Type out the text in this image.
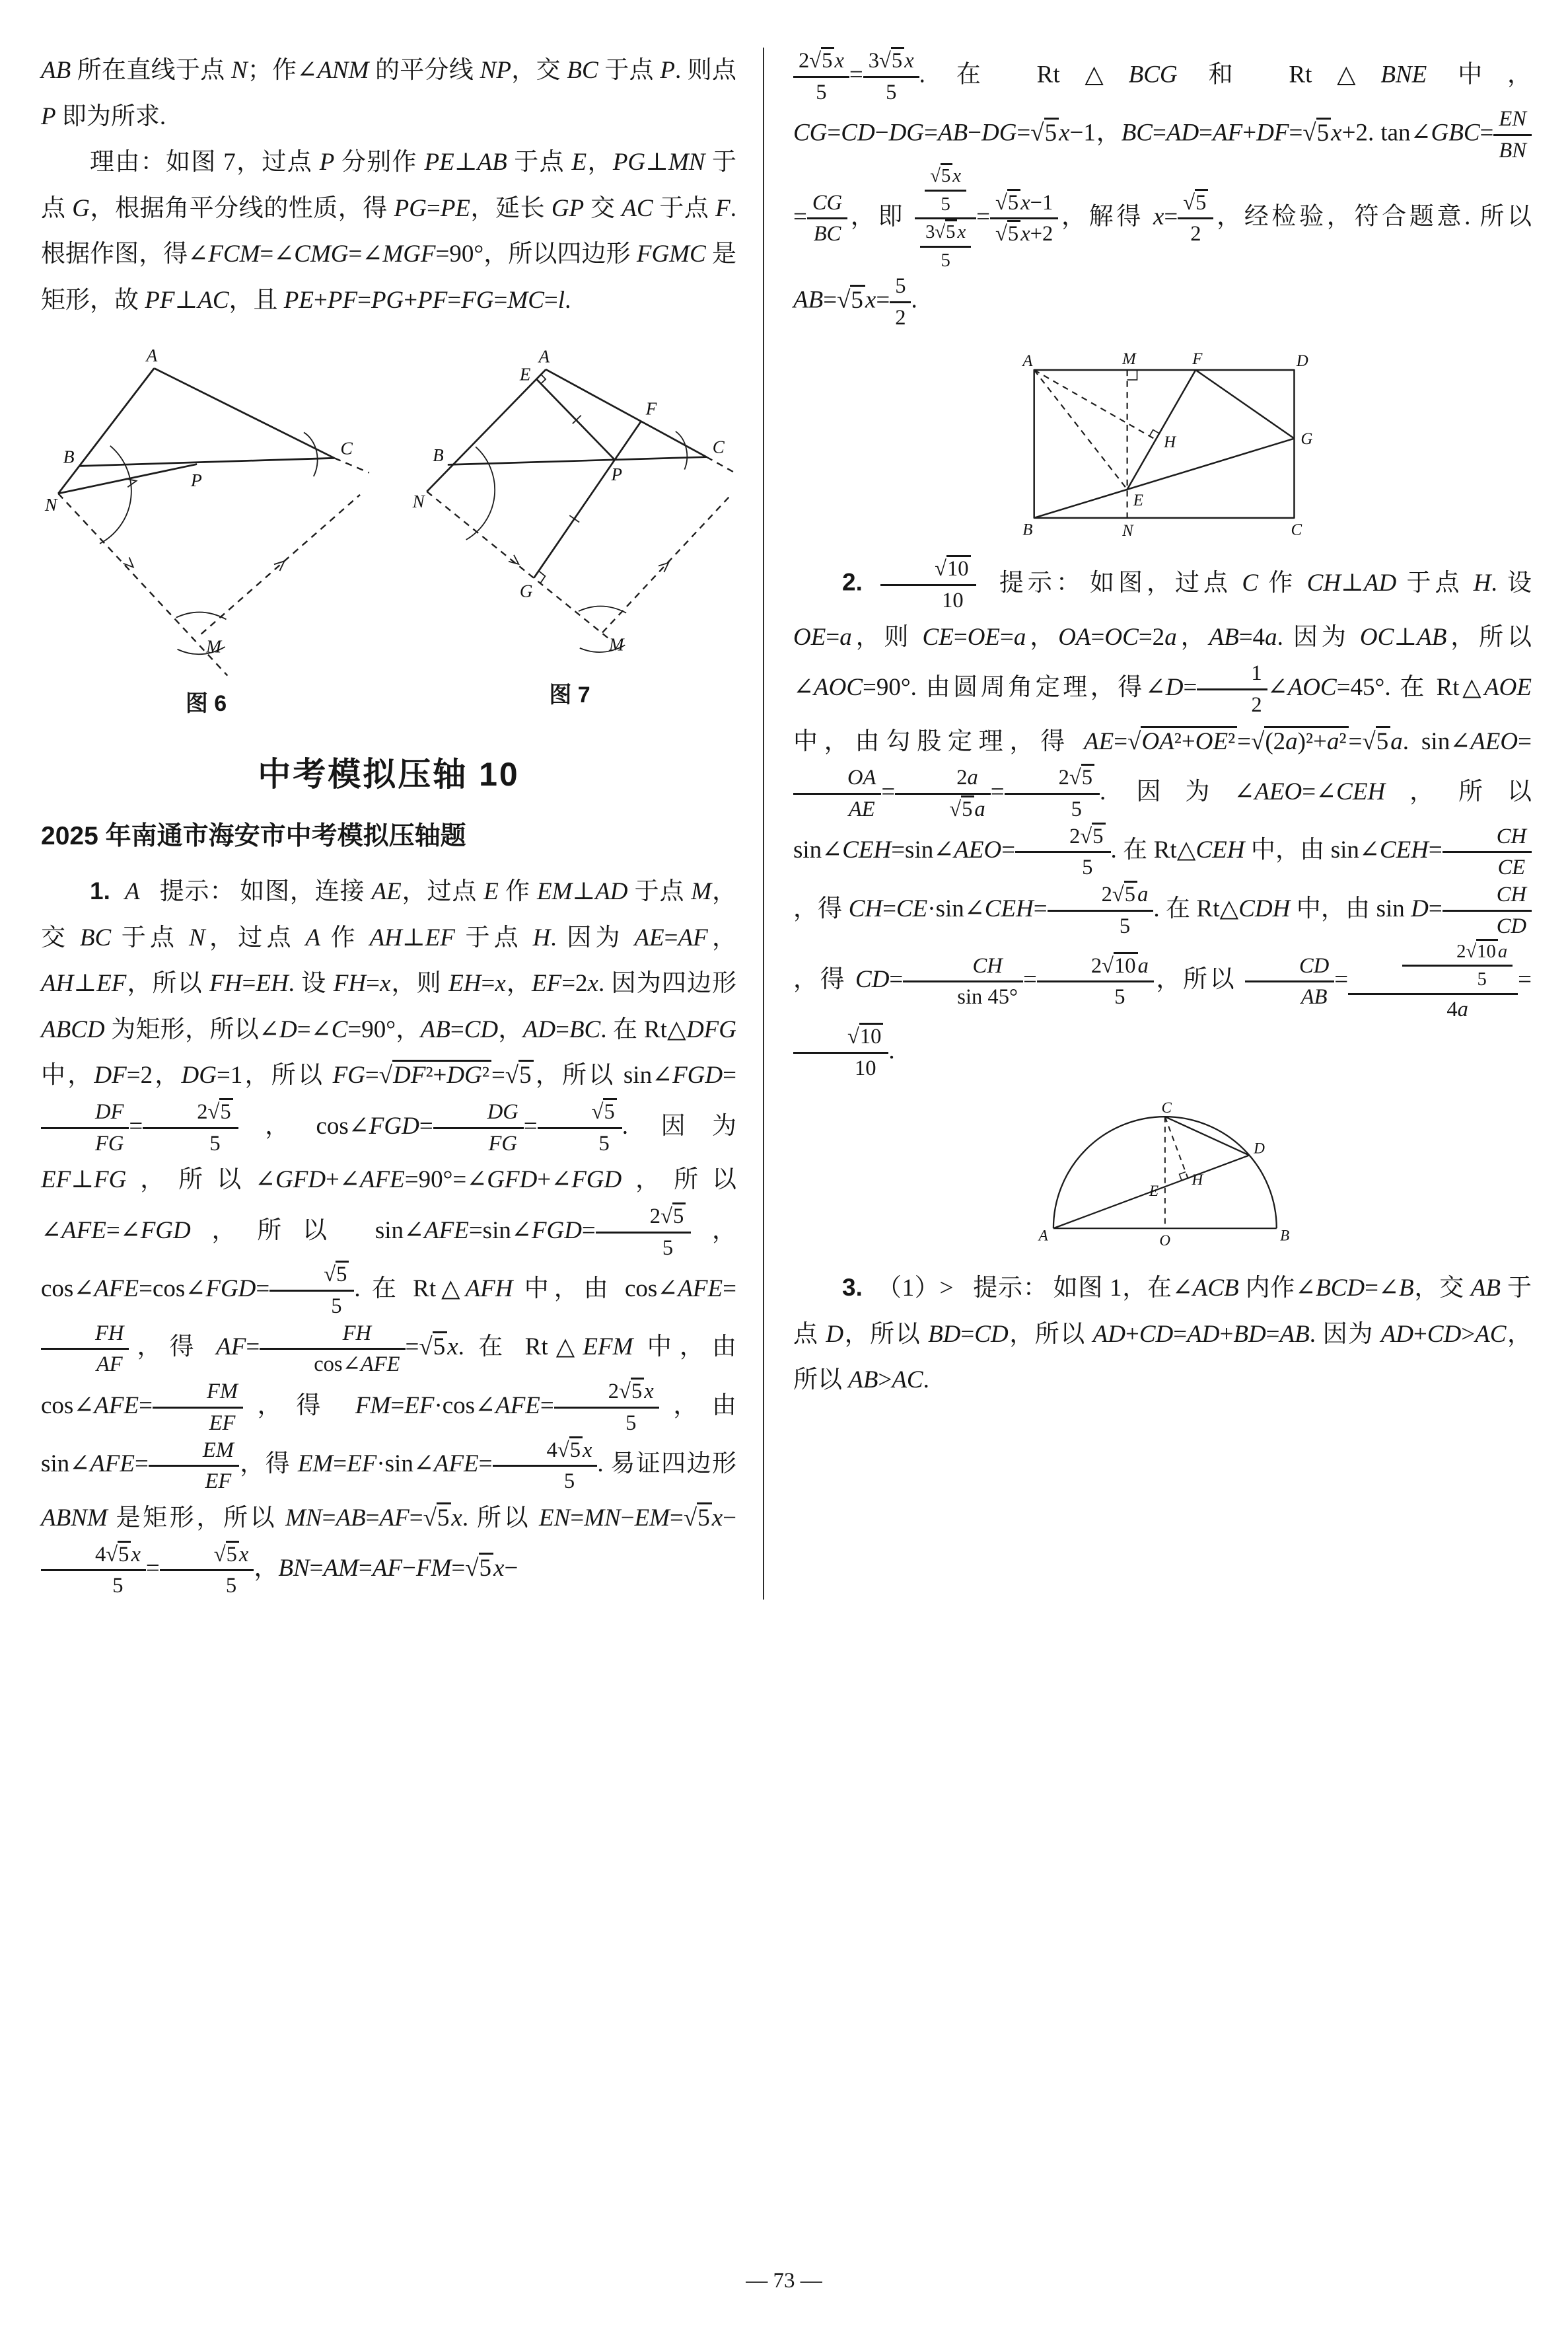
AB 所在直线于点 N；作∠ANM 的平分线 NP，交 BC 于点 P. 则点 P 即为所求.

理由：如图 7，过点 P 分别作 PE⊥AB 于点 E，PG⊥MN 于点 G，根据角平分线的性质，得 PG=PE，延长 GP 交 AC 于点 F. 根据作图，得∠FCM=∠CMG=∠MGF=90°，所以四边形 FGMC 是矩形，故 PF⊥AC，且 PE+PF=PG+PF=FG=MC=l.

A
B	C
N
P
M
图 6
A
E
F
B
N
P
C
G
M
图 7
中考模拟压轴 10
2025 年南通市海安市中考模拟压轴题

1. A 提示： 如图，连接 AE，过点 E 作 EM⊥AD 于点 M，交 BC 于点 N，过点 A 作 AH⊥EF 于点 H. 因为 AE=AF，AH⊥EF，所以 FH=EH. 设 FH=x，则 EH=x，EF=2x. 因为四边形 ABCD 为矩形，所以∠D=∠C=90°，AB=CD，AD=BC. 在 Rt△DFG 中，DF=2，DG=1，所以 FG=√DF²+DG²=√5，所以 sin∠FGD=
$\frac{DF}{FG} = \frac{2√5}{5}$ ，cos∠FGD= $\frac{DG}{FG} = \frac{√5}{5}$ . 因为 EF⊥FG，所以∠GFD+∠AFE=90°=∠GFD+∠FGD，所以∠AFE=∠FGD，所以 sin∠AFE=sin∠FGD= $\frac{2√5}{5}$ ，cos∠AFE=cos∠FGD= $\frac{√5}{5}$ . 在 Rt△AFH 中，由 cos∠AFE=
$\frac{FH}{AF}$ ，得 $AF= \frac{FH}{\text{cos∠AFE}} =√5x$. 在 Rt△EFM 中，由 cos∠AFE= $\frac{FM}{EF}$ ，得 FM=EF·cos∠AFE= $\frac{2√5x}{5}$ ，由 sin∠AFE= $\frac{EM}{EF}$ ，得 EM=EF·sin∠AFE= $\frac{4√5x}{5}$ . 易证四边形 ABNM 是矩形，所以 MN=AB=AF=√5x. 所以 EN=MN−EM=√5x−
$\frac{4√5x}{5} = \frac{√5x}{5}$ ，BN=AM=AF−FM=√5x−

$\frac{2√5x}{5} = \frac{3√5x}{5}$ . 在 Rt△BCG 和 Rt△BNE 中，CG=CD−DG=AB−DG=√5x−1，BC=AD=AF+DF=√5x+2. tan∠GBC= $\frac{EN}{BN}$
= $\frac{CG}{BC}$ ，即 $\frac{\frac{√5 x}{5}}{\frac{3√5 x}{5}} = \frac{√5x-1}{√5x+2}$ ，解得 $x= \frac{√5}{2}$ ，经检验，符合题意. 所以 $AB=√5x= \frac{5}{2}$ .

A	M	F	D
G
H
E
B	N	C

2. $\frac{√10}{10}$ 提示： 如图，过点 C 作 CH⊥AD 于点 H. 设 OE=a，则 CE=OE=a，OA=OC=2a，AB=4a. 因为 OC⊥AB，所以∠AOC=90°. 由圆周角定理，得∠D= $\frac{1}{2}$ ∠AOC=45°. 在 Rt△AOE 中，由勾股定理，得 AE=√OA²+OE²=√(2a)²+a²=√5a. sin∠AEO=
$\frac{OA}{AE} = \frac{2a}{√5a} = \frac{2√5}{5}$ . 因为∠AEO=∠CEH，所以 sin∠CEH=sin∠AEO= $\frac{2√5}{5}$ . 在 Rt△CEH 中，由 sin∠CEH= $\frac{CH}{CE}$
，得 CH=CE·sin∠CEH= $\frac{2√5a}{5}$ . 在 Rt△CDH 中，由 $\sin D= \frac{CH}{CD}$
，得 $CD= \frac{CH}{\sin 45^\circ} = \frac{2√10a}{5}$ ，所以 $\frac{CD}{AB} = \frac{\frac{2√10 a}{5}}{4a}$ =
$\frac{√10}{10}$ .

A	B
O
C
D
E
H

3. （1）> 提示： 如图 1，在∠ACB 内作∠BCD=∠B，交 AB 于点 D，所以 BD=CD，所以 AD+CD=AD+BD=AB. 因为 AD+CD>AC，所以 AB>AC.

— 73 —
